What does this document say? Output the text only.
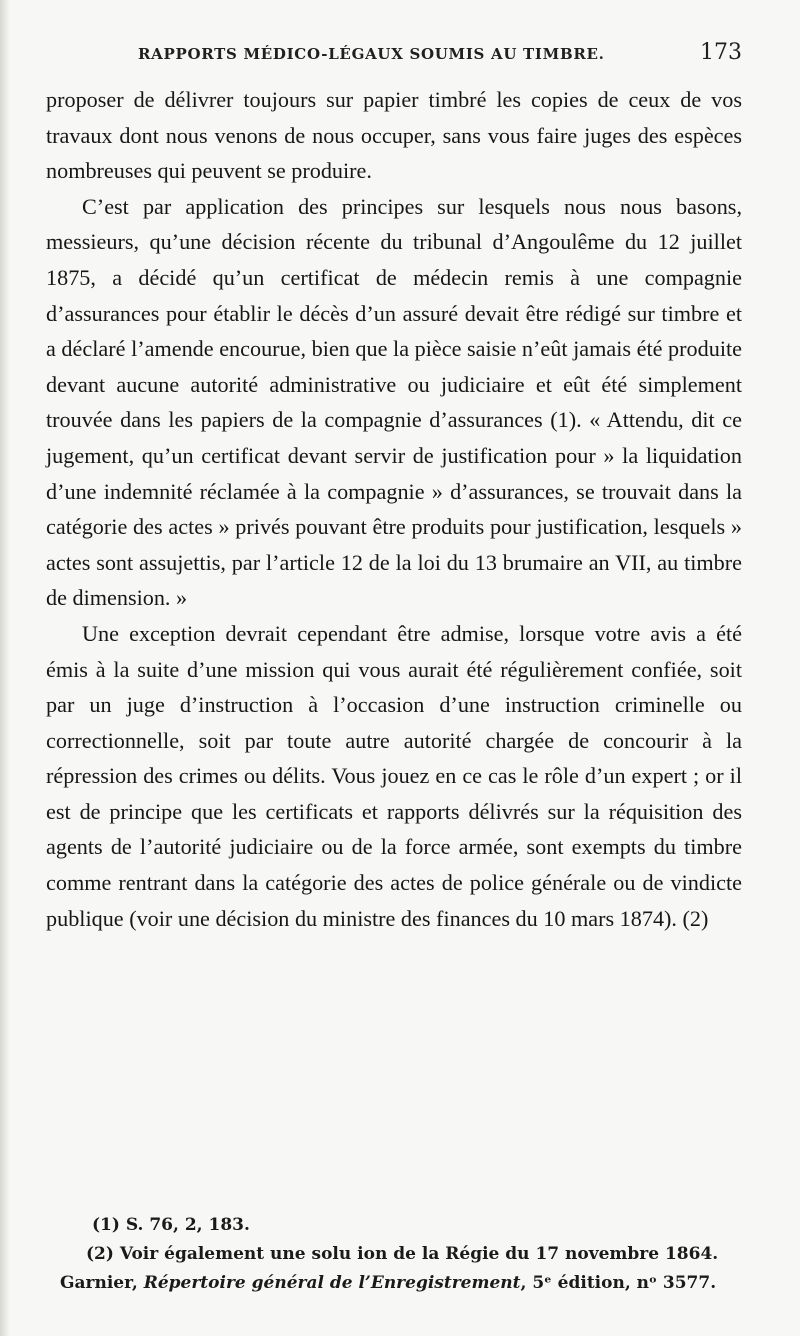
RAPPORTS MÉDICO-LÉGAUX SOUMIS AU TIMBRE.	173

proposer de délivrer toujours sur papier timbré les copies de ceux de vos travaux dont nous venons de nous occuper, sans vous faire juges des espèces nombreuses qui peuvent se produire.

C’est par application des principes sur lesquels nous nous basons, messieurs, qu’une décision récente du tribunal d’Angoulême du 12 juillet 1875, a décidé qu’un certificat de médecin remis à une compagnie d’assurances pour établir le décès d’un assuré devait être rédigé sur timbre et a déclaré l’amende encourue, bien que la pièce saisie n’eût jamais été produite devant aucune autorité administrative ou judiciaire et eût été simplement trouvée dans les papiers de la compagnie d’assurances (1). « Attendu, dit ce jugement, qu’un certificat devant servir de justification pour » la liquidation d’une indemnité réclamée à la compagnie » d’assurances, se trouvait dans la catégorie des actes » privés pouvant être produits pour justification, lesquels » actes sont assujettis, par l’article 12 de la loi du 13 brumaire an VII, au timbre de dimension. »

Une exception devrait cependant être admise, lorsque votre avis a été émis à la suite d’une mission qui vous aurait été régulièrement confiée, soit par un juge d’instruction à l’occasion d’une instruction criminelle ou correctionnelle, soit par toute autre autorité chargée de concourir à la répression des crimes ou délits. Vous jouez en ce cas le rôle d’un expert ; or il est de principe que les certificats et rapports délivrés sur la réquisition des agents de l’autorité judiciaire ou de la force armée, sont exempts du timbre comme rentrant dans la catégorie des actes de police générale ou de vindicte publique (voir une décision du ministre des finances du 10 mars 1874). (2)

(1) S. 76, 2, 183.

(2) Voir également une solu ion de la Régie du 17 novembre 1864.

Garnier, Répertoire général de l’Enregistrement, 5ᵉ édition, nᵒ 3577.
